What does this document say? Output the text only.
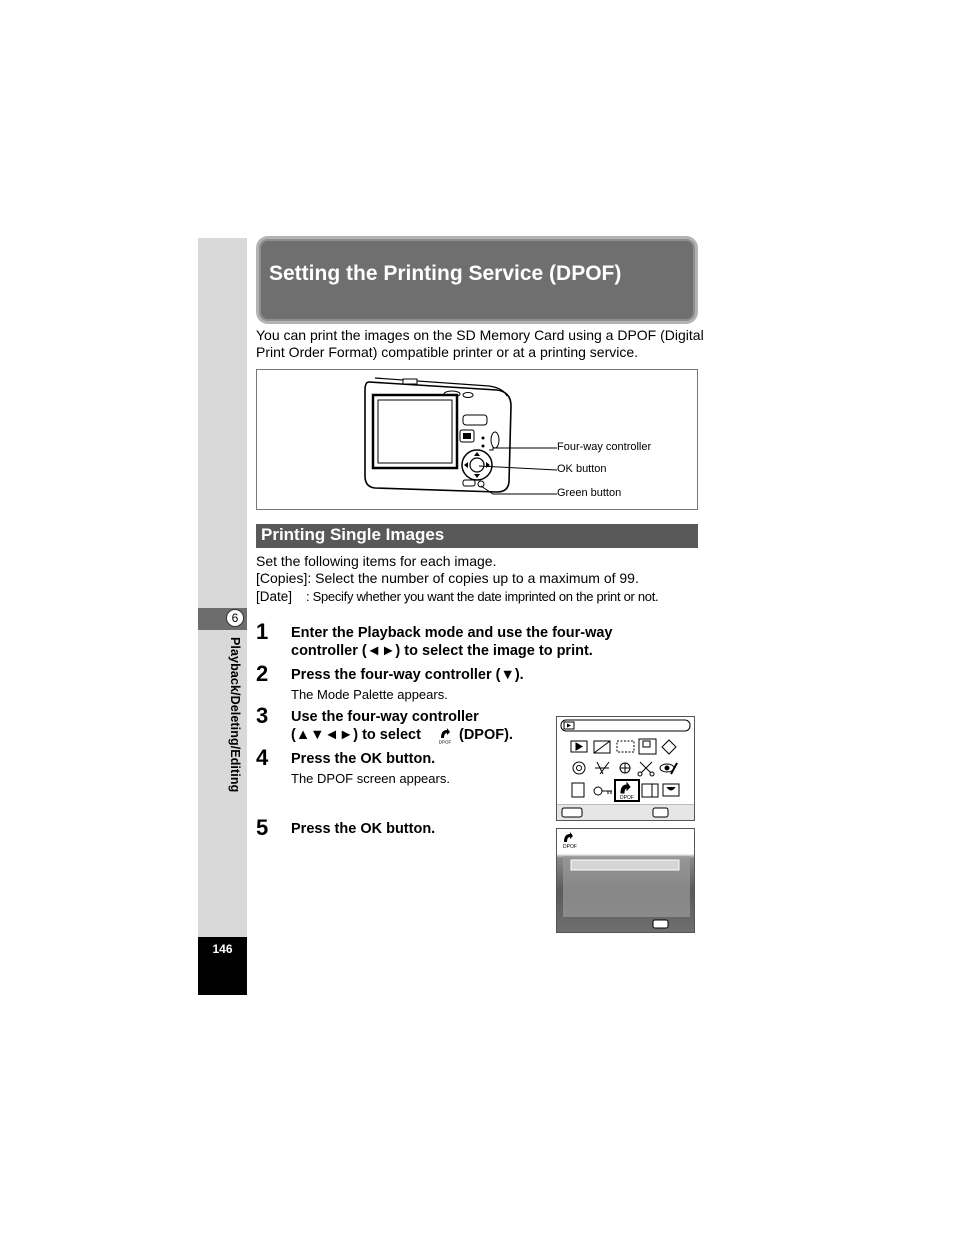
6
Playback/Deleting/Editing
146
Setting the Printing Service (DPOF)
You can print the images on the SD Memory Card using a DPOF (Digital
Print Order Format) compatible printer or at a printing service.
Four-way controller
OK button
Green button
Printing Single Images
Set the following items for each image.
[Copies]: Select the number of copies up to a maximum of 99.
[Date] : Specify whether you want the date imprinted on the print or not.
1 Enter the Playback mode and use the four-way
controller (◄►) to select the image to print.
2 Press the four-way controller (▼).
The Mode Palette appears.
3 Use the four-way controller
(▲▼◄►) to select	DPOF (DPOF).
4 Press the OK button.
The DPOF screen appears.
5 Press the OK button.
DPOF
DPOF
